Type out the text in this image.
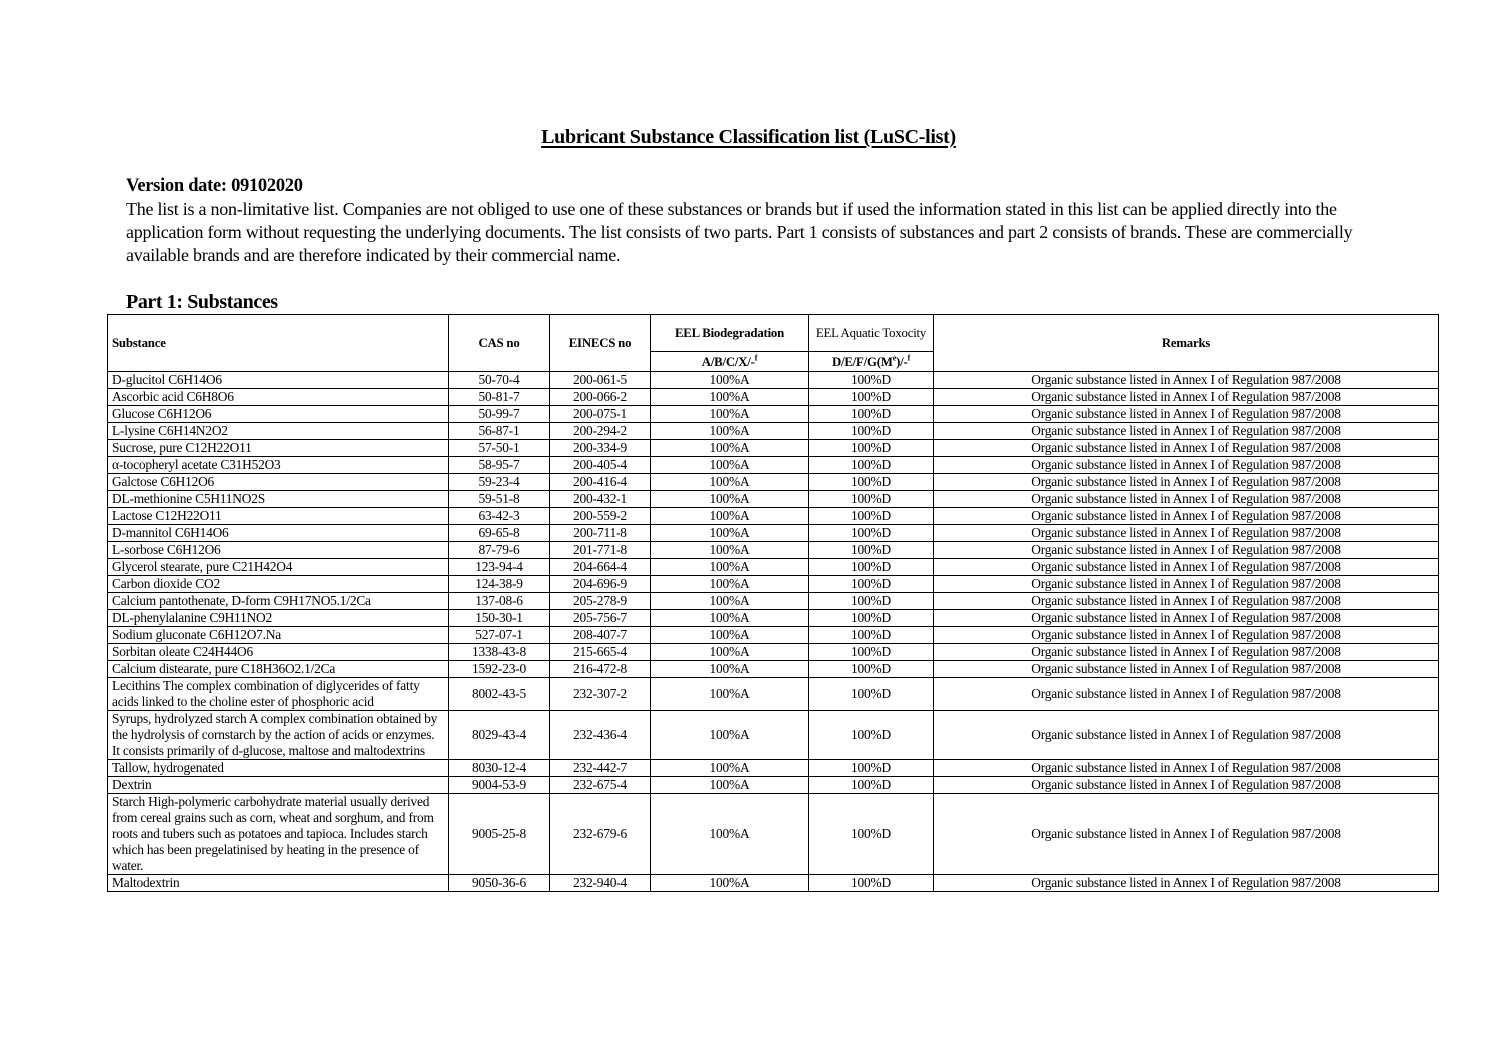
Lubricant Substance Classification list (LuSC-list)
Version date: 09102020
The list is a non-limitative list. Companies are not obliged to use one of these substances or brands but if used the information stated in this list can be applied directly into the application form without requesting the underlying documents. The list consists of two parts. Part 1 consists of substances and part 2 consists of brands. These are commercially available brands and are therefore indicated by their commercial name.
Part 1: Substances
Substance	CAS no	EINECS no	EEL Biodegradation	EEL Aquatic Toxocity	Remarks
			A/B/C/X/-$^f$	D/E/F/G(Me)/-$^f$
D-glucitol C6H14O6	50-70-4	200-061-5	100%A	100%D	Organic substance listed in Annex I of Regulation 987/2008
Ascorbic acid C6H8O6	50-81-7	200-066-2	100%A	100%D	Organic substance listed in Annex I of Regulation 987/2008
Glucose C6H12O6	50-99-7	200-075-1	100%A	100%D	Organic substance listed in Annex I of Regulation 987/2008
L-lysine C6H14N2O2	56-87-1	200-294-2	100%A	100%D	Organic substance listed in Annex I of Regulation 987/2008
Sucrose, pure C12H22O11	57-50-1	200-334-9	100%A	100%D	Organic substance listed in Annex I of Regulation 987/2008
α-tocopheryl acetate C31H52O3	58-95-7	200-405-4	100%A	100%D	Organic substance listed in Annex I of Regulation 987/2008
Galctose C6H12O6	59-23-4	200-416-4	100%A	100%D	Organic substance listed in Annex I of Regulation 987/2008
DL-methionine C5H11NO2S	59-51-8	200-432-1	100%A	100%D	Organic substance listed in Annex I of Regulation 987/2008
Lactose C12H22O11	63-42-3	200-559-2	100%A	100%D	Organic substance listed in Annex I of Regulation 987/2008
D-mannitol C6H14O6	69-65-8	200-711-8	100%A	100%D	Organic substance listed in Annex I of Regulation 987/2008
L-sorbose C6H12O6	87-79-6	201-771-8	100%A	100%D	Organic substance listed in Annex I of Regulation 987/2008
Glycerol stearate, pure C21H42O4	123-94-4	204-664-4	100%A	100%D	Organic substance listed in Annex I of Regulation 987/2008
Carbon dioxide CO2	124-38-9	204-696-9	100%A	100%D	Organic substance listed in Annex I of Regulation 987/2008
Calcium pantothenate, D-form C9H17NO5.1/2Ca	137-08-6	205-278-9	100%A	100%D	Organic substance listed in Annex I of Regulation 987/2008
DL-phenylalanine C9H11NO2	150-30-1	205-756-7	100%A	100%D	Organic substance listed in Annex I of Regulation 987/2008
Sodium gluconate C6H12O7.Na	527-07-1	208-407-7	100%A	100%D	Organic substance listed in Annex I of Regulation 987/2008
Sorbitan oleate C24H44O6	1338-43-8	215-665-4	100%A	100%D	Organic substance listed in Annex I of Regulation 987/2008
Calcium distearate, pure C18H36O2.1/2Ca	1592-23-0	216-472-8	100%A	100%D	Organic substance listed in Annex I of Regulation 987/2008
Lecithins The complex combination of diglycerides of fatty acids linked to the choline ester of phosphoric acid	8002-43-5	232-307-2	100%A	100%D	Organic substance listed in Annex I of Regulation 987/2008
Syrups, hydrolyzed starch A complex combination obtained by the hydrolysis of cornstarch by the action of acids or enzymes. It consists primarily of d-glucose, maltose and maltodextrins	8029-43-4	232-436-4	100%A	100%D	Organic substance listed in Annex I of Regulation 987/2008
Tallow, hydrogenated	8030-12-4	232-442-7	100%A	100%D	Organic substance listed in Annex I of Regulation 987/2008
Dextrin	9004-53-9	232-675-4	100%A	100%D	Organic substance listed in Annex I of Regulation 987/2008
Starch High-polymeric carbohydrate material usually derived from cereal grains such as corn, wheat and sorghum, and from roots and tubers such as potatoes and tapioca. Includes starch which has been pregelatinised by heating in the presence of water.	9005-25-8	232-679-6	100%A	100%D	Organic substance listed in Annex I of Regulation 987/2008
Maltodextrin	9050-36-6	232-940-4	100%A	100%D	Organic substance listed in Annex I of Regulation 987/2008
